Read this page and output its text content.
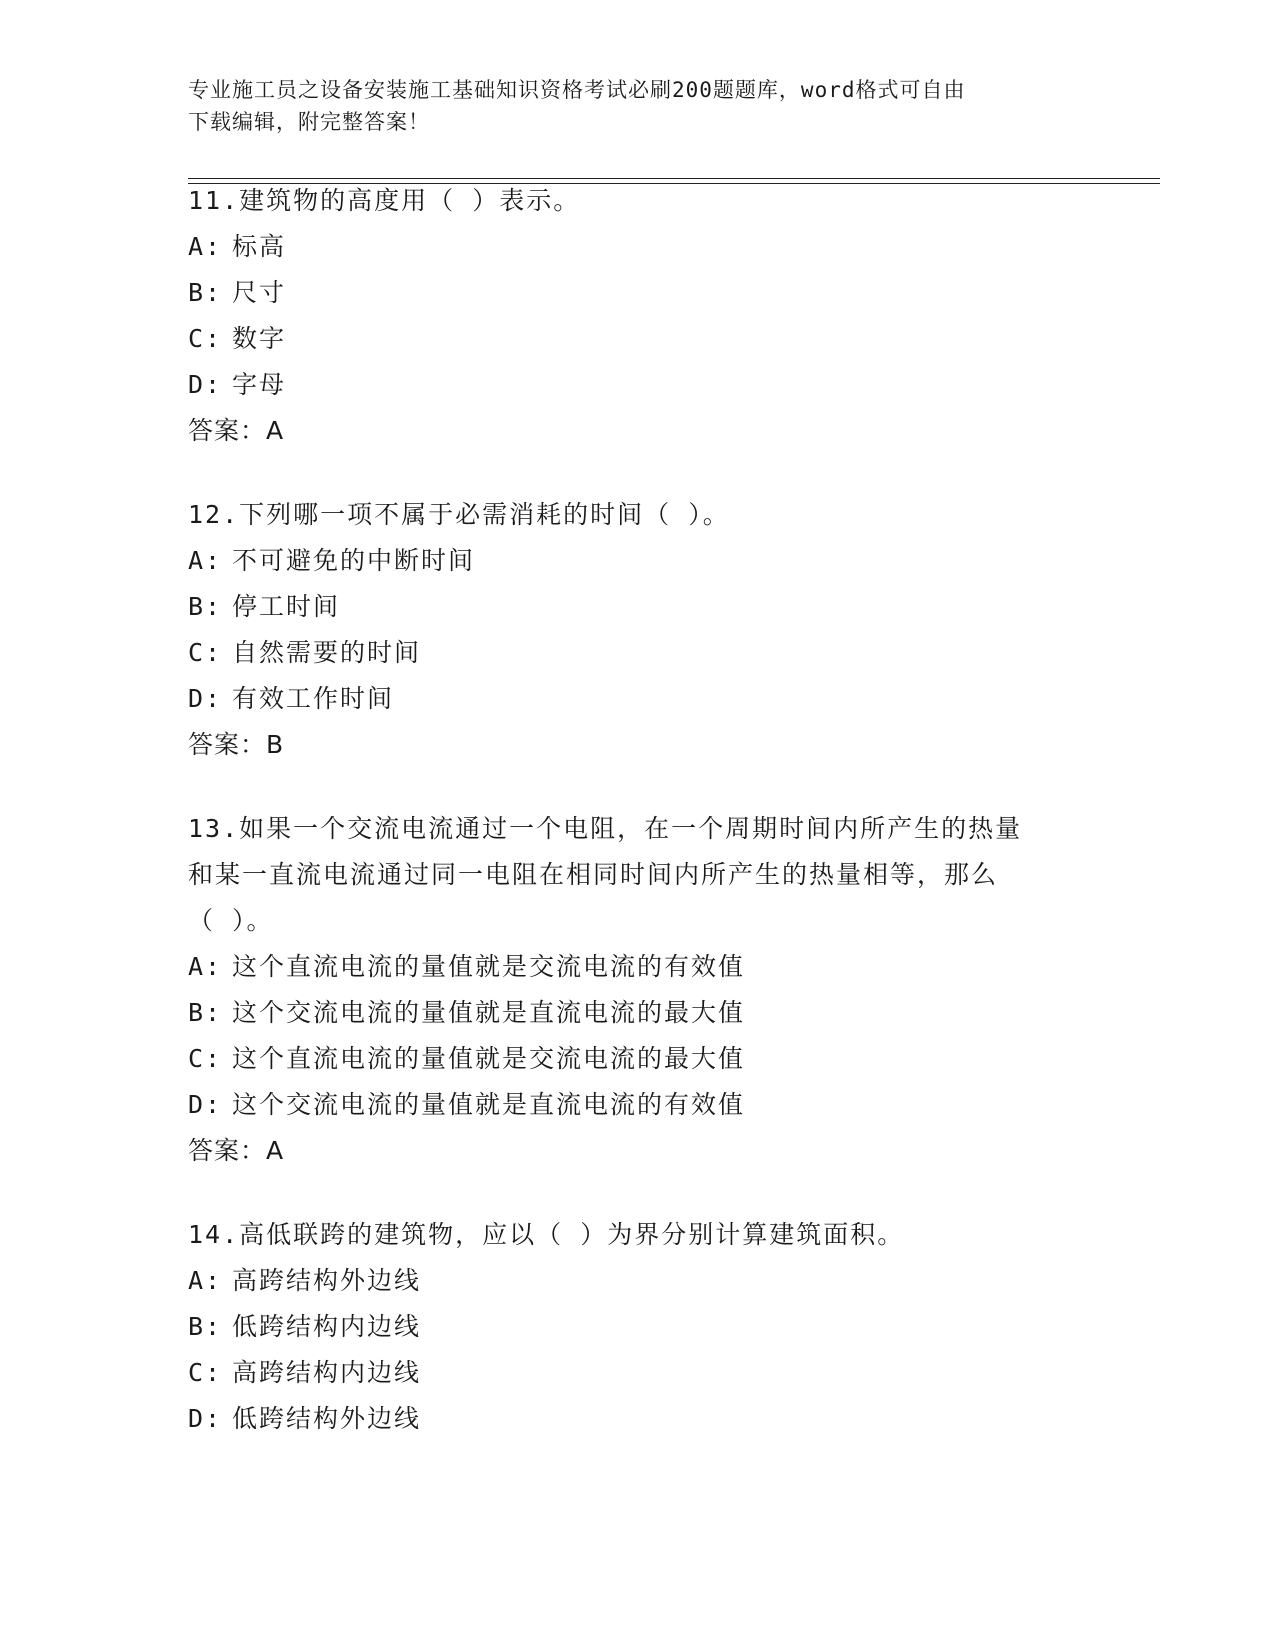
专业施工员之设备安装施工基础知识资格考试必刷200题题库，word格式可自由
下载编辑，附完整答案！
11.建筑物的高度用（ ）表示。
A: 标高
B: 尺寸
C: 数字
D: 字母
答案：A
12.下列哪一项不属于必需消耗的时间（ ）。
A: 不可避免的中断时间
B: 停工时间
C: 自然需要的时间
D: 有效工作时间
答案：B
13.如果一个交流电流通过一个电阻，在一个周期时间内所产生的热量
和某一直流电流通过同一电阻在相同时间内所产生的热量相等，那么
（ ）。
A: 这个直流电流的量值就是交流电流的有效值
B: 这个交流电流的量值就是直流电流的最大值
C: 这个直流电流的量值就是交流电流的最大值
D: 这个交流电流的量值就是直流电流的有效值
答案：A
14.高低联跨的建筑物，应以（ ）为界分别计算建筑面积。
A: 高跨结构外边线
B: 低跨结构内边线
C: 高跨结构内边线
D: 低跨结构外边线
